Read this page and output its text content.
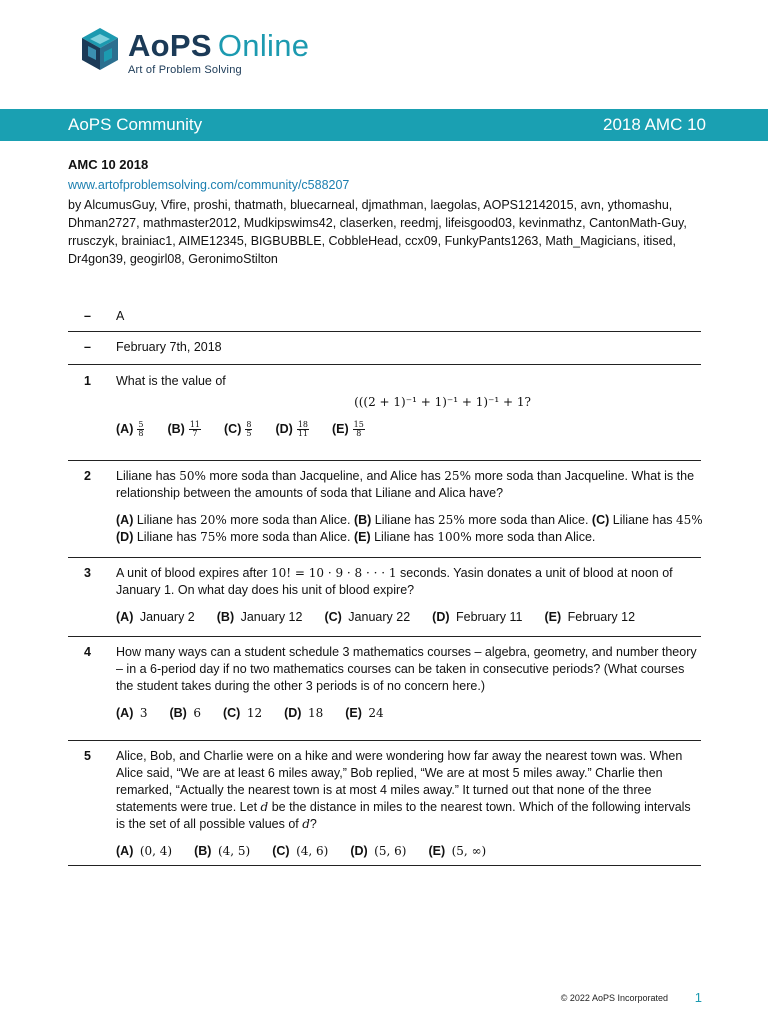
AoPS Online
Art of Problem Solving
AoPS Community	2018 AMC 10
AMC 10 2018
www.artofproblemsolving.com/community/c588207
by AlcumusGuy, Vfire, proshi, thatmath, bluecarneal, djmathman, laegolas, AOPS12142015, avn, ythomashu, Dhman2727, mathmaster2012, Mudkipswims42, claserken, reedmj, lifeisgood03, kevinmathz, CantonMath-Guy, rrusczyk, brainiac1, AIME12345, BIGBUBBLE, CobbleHead, ccx09, FunkyPants1263, Math_Magicians, itised, Dr4gon39, geogirl08, GeronimoStilton
–	A
–	February 7th, 2018
1	What is the value of
(((2 + 1)⁻¹ + 1)⁻¹ + 1)⁻¹ + 1?
$(A) \frac{5}{8} (B) \frac{11}{7} (C) \frac{8}{5} (D) \frac{18}{11} (E) \frac{15}{8}$
2	Liliane has 50% more soda than Jacqueline, and Alice has 25% more soda than Jacqueline. What is the relationship between the amounts of soda that Liliane and Alica have?
(A) Liliane has 20% more soda than Alice. (B) Liliane has 25% more soda than Alice. (C) Liliane has 45%
(D) Liliane has 75% more soda than Alice. (E) Liliane has 100% more soda than Alice.
3	A unit of blood expires after 10! = 10 · 9 · 8 · · · 1 seconds. Yasin donates a unit of blood at noon of January 1. On what day does his unit of blood expire?
(A) January 2 (B) January 12 (C) January 22 (D) February 11 (E) February 12
4	How many ways can a student schedule 3 mathematics courses – algebra, geometry, and number theory – in a 6-period day if no two mathematics courses can be taken in consecutive periods? (What courses the student takes during the other 3 periods is of no concern here.)
(A) 3 (B) 6 (C) 12 (D) 18 (E) 24
5	Alice, Bob, and Charlie were on a hike and were wondering how far away the nearest town was. When Alice said, “We are at least 6 miles away,” Bob replied, “We are at most 5 miles away.” Charlie then remarked, “Actually the nearest town is at most 4 miles away.” It turned out that none of the three statements were true. Let d be the distance in miles to the nearest town. Which of the following intervals is the set of all possible values of d?
(A) (0, 4) (B) (4, 5) (C) (4, 6) (D) (5, 6) (E) (5, ∞)
© 2022 AoPS Incorporated 1
